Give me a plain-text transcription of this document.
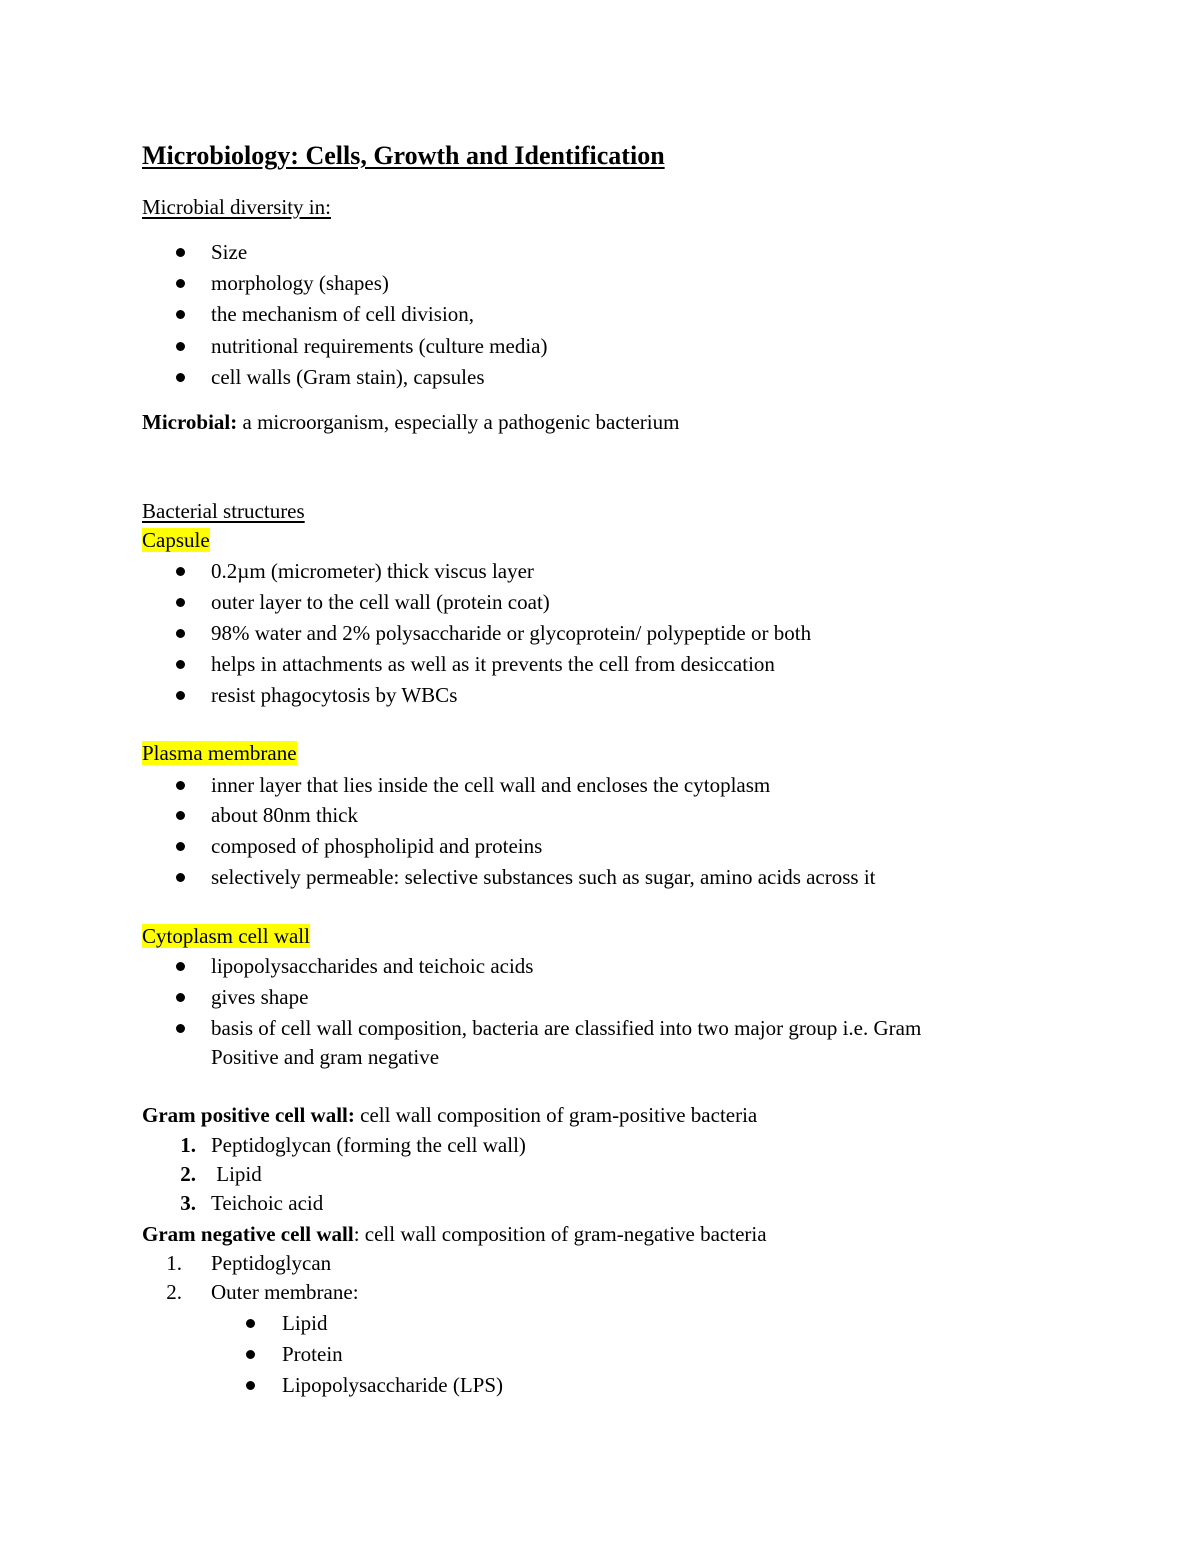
Microbiology: Cells, Growth and Identification
Microbial diversity in:
Size
morphology (shapes)
the mechanism of cell division,
nutritional requirements (culture media)
cell walls (Gram stain), capsules
Microbial: a microorganism, especially a pathogenic bacterium
Bacterial structures
Capsule
0.2µm (micrometer) thick viscus layer
outer layer to the cell wall (protein coat)
98% water and 2% polysaccharide or glycoprotein/ polypeptide or both
helps in attachments as well as it prevents the cell from desiccation
resist phagocytosis by WBCs
Plasma membrane
inner layer that lies inside the cell wall and encloses the cytoplasm
about 80nm thick
composed of phospholipid and proteins
selectively permeable: selective substances such as sugar, amino acids across it
Cytoplasm cell wall
lipopolysaccharides and teichoic acids
gives shape
basis of cell wall composition, bacteria are classified into two major group i.e. Gram
Positive and gram negative
Gram positive cell wall: cell wall composition of gram-positive bacteria
1. Peptidoglycan (forming the cell wall)
2. Lipid
3. Teichoic acid
Gram negative cell wall: cell wall composition of gram-negative bacteria
1. Peptidoglycan
2. Outer membrane:
Lipid
Protein
Lipopolysaccharide (LPS)
